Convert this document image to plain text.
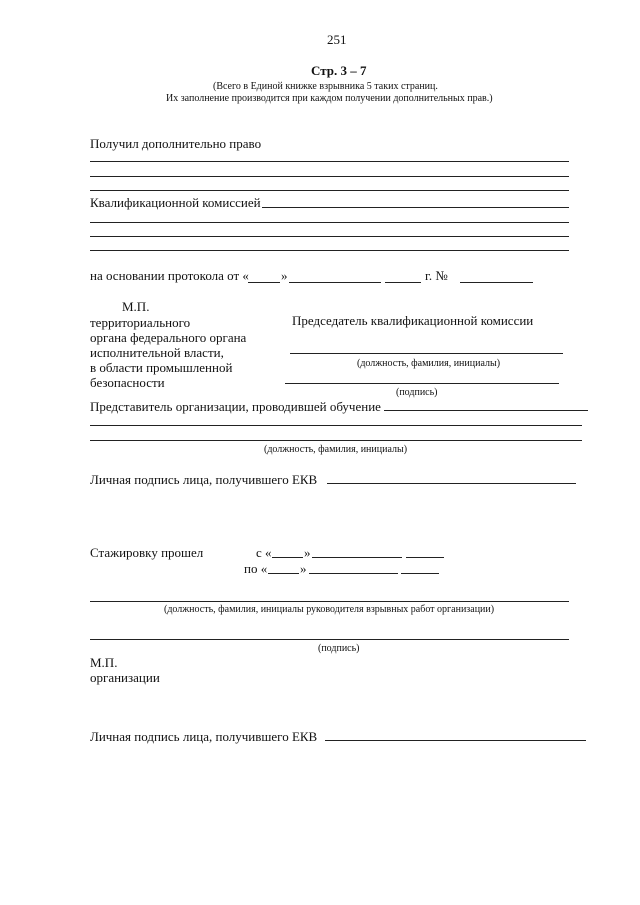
251
Стр. 3 – 7
(Всего в Единой книжке взрывника 5 таких страниц.
Их заполнение производится при каждом получении дополнительных прав.)
Получил дополнительно право
Квалификационной комиссией
на основании протокола от « »	г. №
М.П.
территориального
органа федерального органа
исполнительной власти,
в области промышленной
безопасности
Председатель квалификационной комиссии
(должность, фамилия, инициалы)
(подпись)
Представитель организации, проводившей обучение
(должность, фамилия, инициалы)
Личная подпись лица, получившего ЕКВ
Стажировку прошел	с « »
по «	»
(должность, фамилия, инициалы руководителя взрывных работ организации)
(подпись)
М.П.
организации
Личная подпись лица, получившего ЕКВ
